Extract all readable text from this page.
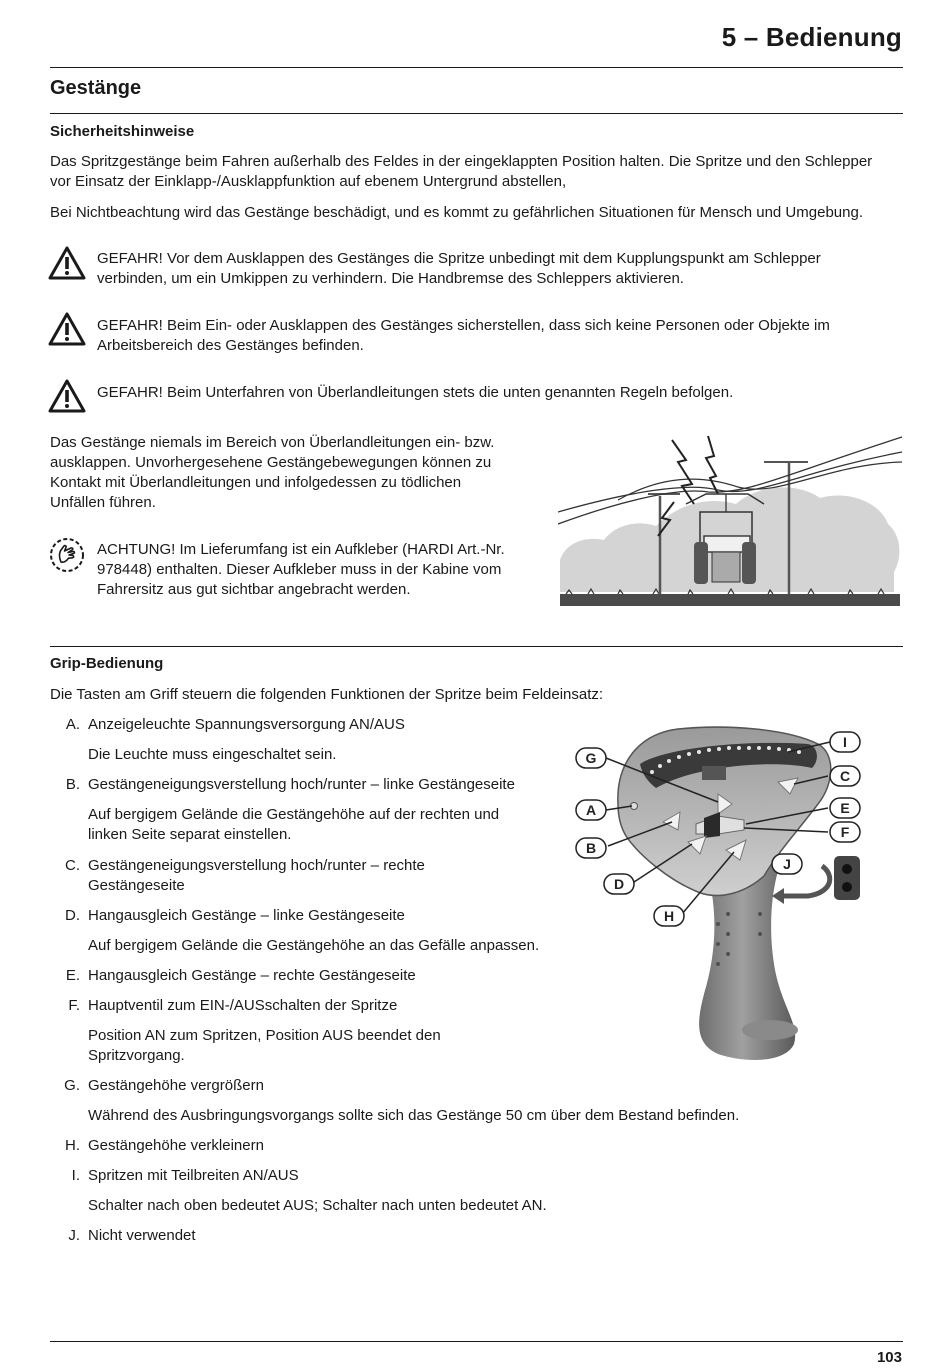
5 – Bedienung
Gestänge
Sicherheitshinweise
Das Spritzgestänge beim Fahren außerhalb des Feldes in der eingeklappten Position halten. Die Spritze und den Schlepper
vor Einsatz der Einklapp-/Ausklappfunktion auf ebenem Untergrund abstellen,
Bei Nichtbeachtung wird das Gestänge beschädigt, und es kommt zu gefährlichen Situationen für Mensch und Umgebung.
GEFAHR! Vor dem Ausklappen des Gestänges die Spritze unbedingt mit dem Kupplungspunkt am Schlepper
verbinden, um ein Umkippen zu verhindern. Die Handbremse des Schleppers aktivieren.
GEFAHR! Beim Ein- oder Ausklappen des Gestänges sicherstellen, dass sich keine Personen oder Objekte im
Arbeitsbereich des Gestänges befinden.
GEFAHR! Beim Unterfahren von Überlandleitungen stets die unten genannten Regeln befolgen.
Das Gestänge niemals im Bereich von Überlandleitungen ein- bzw.
ausklappen. Unvorhergesehene Gestängebewegungen können zu
Kontakt mit Überlandleitungen und infolgedessen zu tödlichen
Unfällen führen.
ACHTUNG! Im Lieferumfang ist ein Aufkleber (HARDI Art.-Nr.
978448) enthalten. Dieser Aufkleber muss in der Kabine vom
Fahrersitz aus gut sichtbar angebracht werden.
Grip-Bedienung
Die Tasten am Griff steuern die folgenden Funktionen der Spritze beim Feldeinsatz:
A. Anzeigeleuchte Spannungsversorgung AN/AUS
Die Leuchte muss eingeschaltet sein.
B. Gestängeneigungsverstellung hoch/runter – linke Gestängeseite
Auf bergigem Gelände die Gestängehöhe auf der rechten und
linken Seite separat einstellen.
C. Gestängeneigungsverstellung hoch/runter – rechte
Gestängeseite
D. Hangausgleich Gestänge – linke Gestängeseite
Auf bergigem Gelände die Gestängehöhe an das Gefälle anpassen.
E. Hangausgleich Gestänge – rechte Gestängeseite
F. Hauptventil zum EIN-/AUSschalten der Spritze
Position AN zum Spritzen, Position AUS beendet den
Spritzvorgang.
G. Gestängehöhe vergrößern
Während des Ausbringungsvorgangs sollte sich das Gestänge 50 cm über dem Bestand befinden.
H. Gestängehöhe verkleinern
I. Spritzen mit Teilbreiten AN/AUS
Schalter nach oben bedeutet AUS; Schalter nach unten bedeutet AN.
J. Nicht verwendet
G
I
C
A	E
F
B
J
D
H
103
